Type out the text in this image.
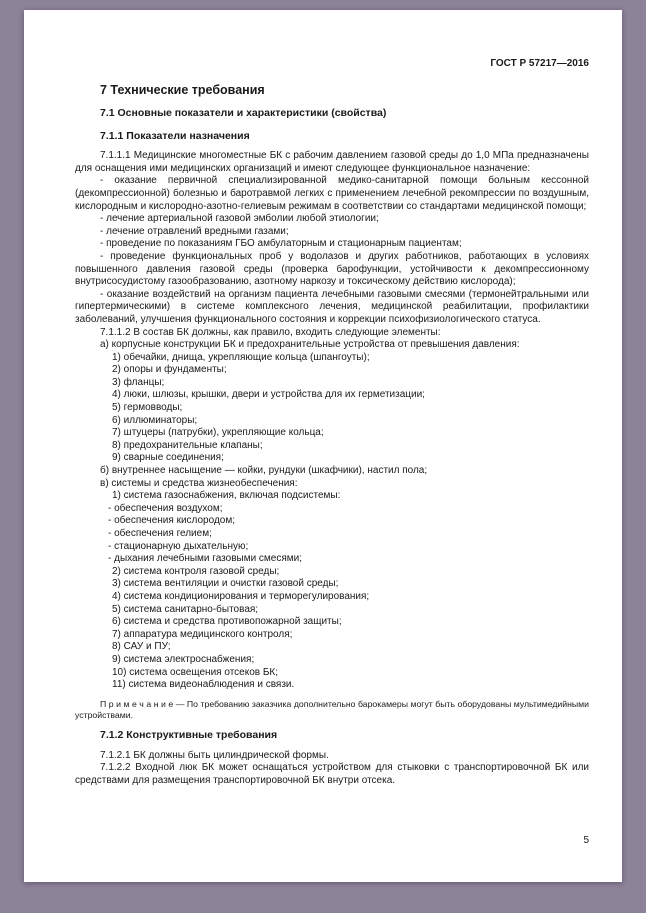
ГОСТ Р 57217—2016

7 Технические требования

7.1 Основные показатели и характеристики (свойства)

7.1.1 Показатели назначения

7.1.1.1 Медицинские многоместные БК с рабочим давлением газовой среды до 1,0 МПа предназначены для оснащения ими медицинских организаций и имеют следующее функциональное назначение:

- оказание первичной специализированной медико-санитарной помощи больным кессонной (декомпрессионной) болезнью и баротравмой легких с применением лечебной рекомпрессии по воздушным, кислородным и кислородно-азотно-гелиевым режимам в соответствии со стандартами медицинской помощи;

- лечение артериальной газовой эмболии любой этиологии;

- лечение отравлений вредными газами;

- проведение по показаниям ГБО амбулаторным и стационарным пациентам;

- проведение функциональных проб у водолазов и других работников, работающих в условиях повышенного давления газовой среды (проверка барофункции, устойчивости к декомпрессионному внутрисосудистому газообразованию, азотному наркозу и токсическому действию кислорода);

- оказание воздействий на организм пациента лечебными газовыми смесями (термонейтральными или гипертермическими) в системе комплексного лечения, медицинской реабилитации, профилактики заболеваний, улучшения функционального состояния и коррекции психофизиологического статуса.

7.1.1.2 В состав БК должны, как правило, входить следующие элементы:

а) корпусные конструкции БК и предохранительные устройства от превышения давления:

1) обечайки, днища, укрепляющие кольца (шпангоуты);

2) опоры и фундаменты;

3) фланцы;

4) люки, шлюзы, крышки, двери и устройства для их герметизации;

5) гермовводы;

6) иллюминаторы;

7) штуцеры (патрубки), укрепляющие кольца;

8) предохранительные клапаны;

9) сварные соединения;

б) внутреннее насыщение — койки, рундуки (шкафчики), настил пола;

в) системы и средства жизнеобеспечения:

1) система газоснабжения, включая подсистемы:

- обеспечения воздухом;

- обеспечения кислородом;

- обеспечения гелием;

- стационарную дыхательную;

- дыхания лечебными газовыми смесями;

2) система контроля газовой среды;

3) система вентиляции и очистки газовой среды;

4) система кондиционирования и терморегулирования;

5) система санитарно-бытовая;

6) система и средства противопожарной защиты;

7) аппаратура медицинского контроля;

8) САУ и ПУ;

9) система электроснабжения;

10) система освещения отсеков БК;

11) система видеонаблюдения и связи.

П р и м е ч а н и е — По требованию заказчика дополнительно барокамеры могут быть оборудованы мультимедийными устройствами.

7.1.2 Конструктивные требования

7.1.2.1 БК должны быть цилиндрической формы.

7.1.2.2 Входной люк БК может оснащаться устройством для стыковки с транспортировочной БК или средствами для размещения транспортировочной БК внутри отсека.

5
